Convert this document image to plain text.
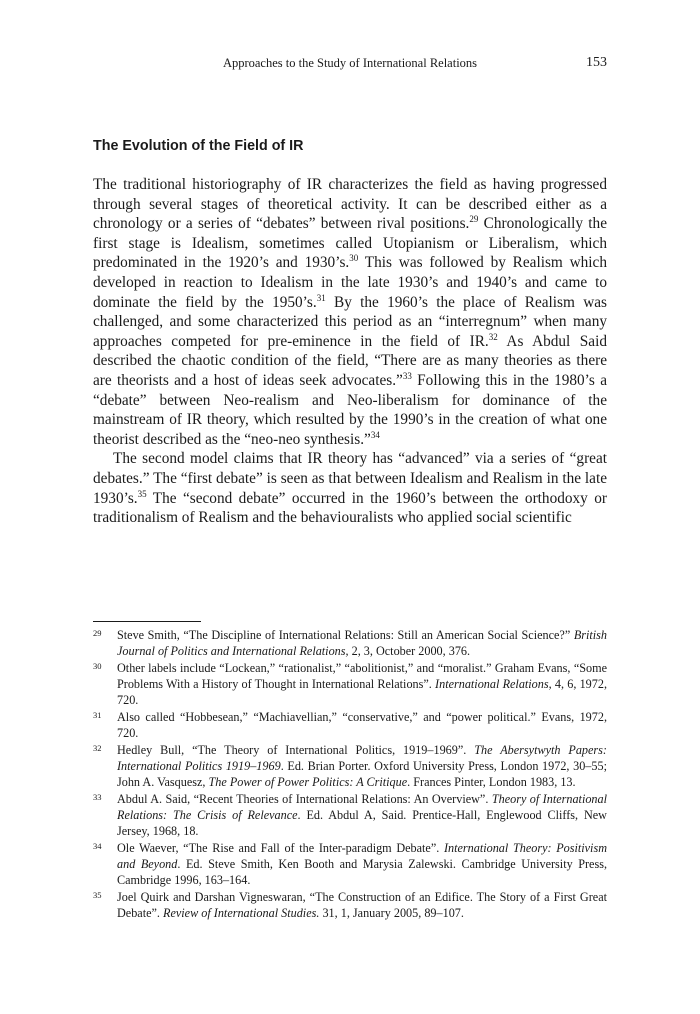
Approaches to the Study of International Relations	153
The Evolution of the Field of IR

The traditional historiography of IR characterizes the field as having progressed through several stages of theoretical activity. It can be described either as a chronology or a series of “debates” between rival positions.$^{29}$ Chronologically the first stage is Idealism, sometimes called Utopianism or Liberalism, which predominated in the 1920’s and 1930’s.$^{30}$ This was followed by Realism which developed in reaction to Idealism in the late 1930’s and 1940’s and came to dominate the field by the 1950’s.$^{31}$ By the 1960’s the place of Realism was challenged, and some characterized this period as an “interregnum” when many approaches competed for pre-eminence in the field of IR.$^{32}$ As Abdul Said described the chaotic condition of the field, “There are as many theories as there are theorists and a host of ideas seek advocates.”$^{33}$ Following this in the 1980’s a “debate” between Neo-realism and Neo-liberalism for dominance of the mainstream of IR theory, which resulted by the 1990’s in the creation of what one theorist described as the “neo-neo synthesis.”$^{34}$

The second model claims that IR theory has “advanced” via a series of “great debates.” The “first debate” is seen as that between Idealism and Realism in the late 1930’s.$^{35}$ The “second debate” occurred in the 1960’s between the orthodoxy or traditionalism of Realism and the behaviouralists who applied social scientific

29 Steve Smith, “The Discipline of International Relations: Still an American Social Science?” British Journal of Politics and International Relations, 2, 3, October 2000, 376.
30 Other labels include “Lockean,” “rationalist,” “abolitionist,” and “moralist.” Graham Evans, “Some Problems With a History of Thought in International Relations”. International Relations, 4, 6, 1972, 720.
31 Also called “Hobbesean,” “Machiavellian,” “conservative,” and “power political.” Evans, 1972, 720.
32 Hedley Bull, “The Theory of International Politics, 1919–1969”. The Abersytwyth Papers: International Politics 1919–1969. Ed. Brian Porter. Oxford University Press, London 1972, 30–55; John A. Vasquesz, The Power of Power Politics: A Critique. Frances Pinter, London 1983, 13.
33 Abdul A. Said, “Recent Theories of International Relations: An Overview”. Theory of International Relations: The Crisis of Relevance. Ed. Abdul A, Said. Prentice-Hall, Englewood Cliffs, New Jersey, 1968, 18.
34 Ole Waever, “The Rise and Fall of the Inter-paradigm Debate”. International Theory: Positivism and Beyond. Ed. Steve Smith, Ken Booth and Marysia Zalewski. Cambridge University Press, Cambridge 1996, 163–164.
35 Joel Quirk and Darshan Vigneswaran, “The Construction of an Edifice. The Story of a First Great Debate”. Review of International Studies. 31, 1, January 2005, 89–107.
